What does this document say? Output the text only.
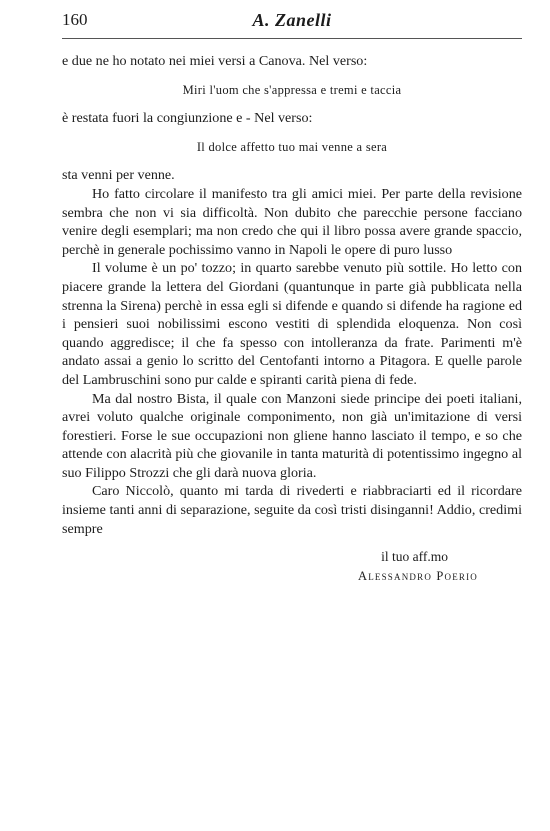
160	A. Zanelli

e due ne ho notato nei miei versi a Canova. Nel verso:

Miri l'uom che s'appressa e tremi e taccia

è restata fuori la congiunzione e - Nel verso:

Il dolce affetto tuo mai venne a sera

sta venni per venne.

Ho fatto circolare il manifesto tra gli amici miei. Per parte della revisione sembra che non vi sia difficoltà. Non dubito che parecchie persone facciano venire degli esemplari; ma non credo che qui il libro possa avere grande spaccio, perchè in generale pochissimo vanno in Napoli le opere di puro lusso

Il volume è un po' tozzo; in quarto sarebbe venuto più sottile. Ho letto con piacere grande la lettera del Giordani (quantunque in parte già pubblicata nella strenna la Sirena) perchè in essa egli si difende e quando si difende ha ragione ed i pensieri suoi nobilissimi escono vestiti di splendida eloquenza. Non così quando aggredisce; il che fa spesso con intolleranza da frate. Parimenti m'è andato assai a genio lo scritto del Centofanti intorno a Pitagora. E quelle parole del Lambruschini sono pur calde e spiranti carità piena di fede.

Ma dal nostro Bista, il quale con Manzoni siede principe dei poeti italiani, avrei voluto qualche originale componimento, non già un'imitazione di versi forestieri. Forse le sue occupazioni non gliene hanno lasciato il tempo, e so che attende con alacrità più che giovanile in tanta maturità di potentissimo ingegno al suo Filippo Strozzi che gli darà nuova gloria.

Caro Niccolò, quanto mi tarda di rivederti e riabbraciarti ed il ricordare insieme tanti anni di separazione, seguite da così tristi disinganni! Addio, credimi sempre

il tuo aff.mo

Alessandro Poerio
